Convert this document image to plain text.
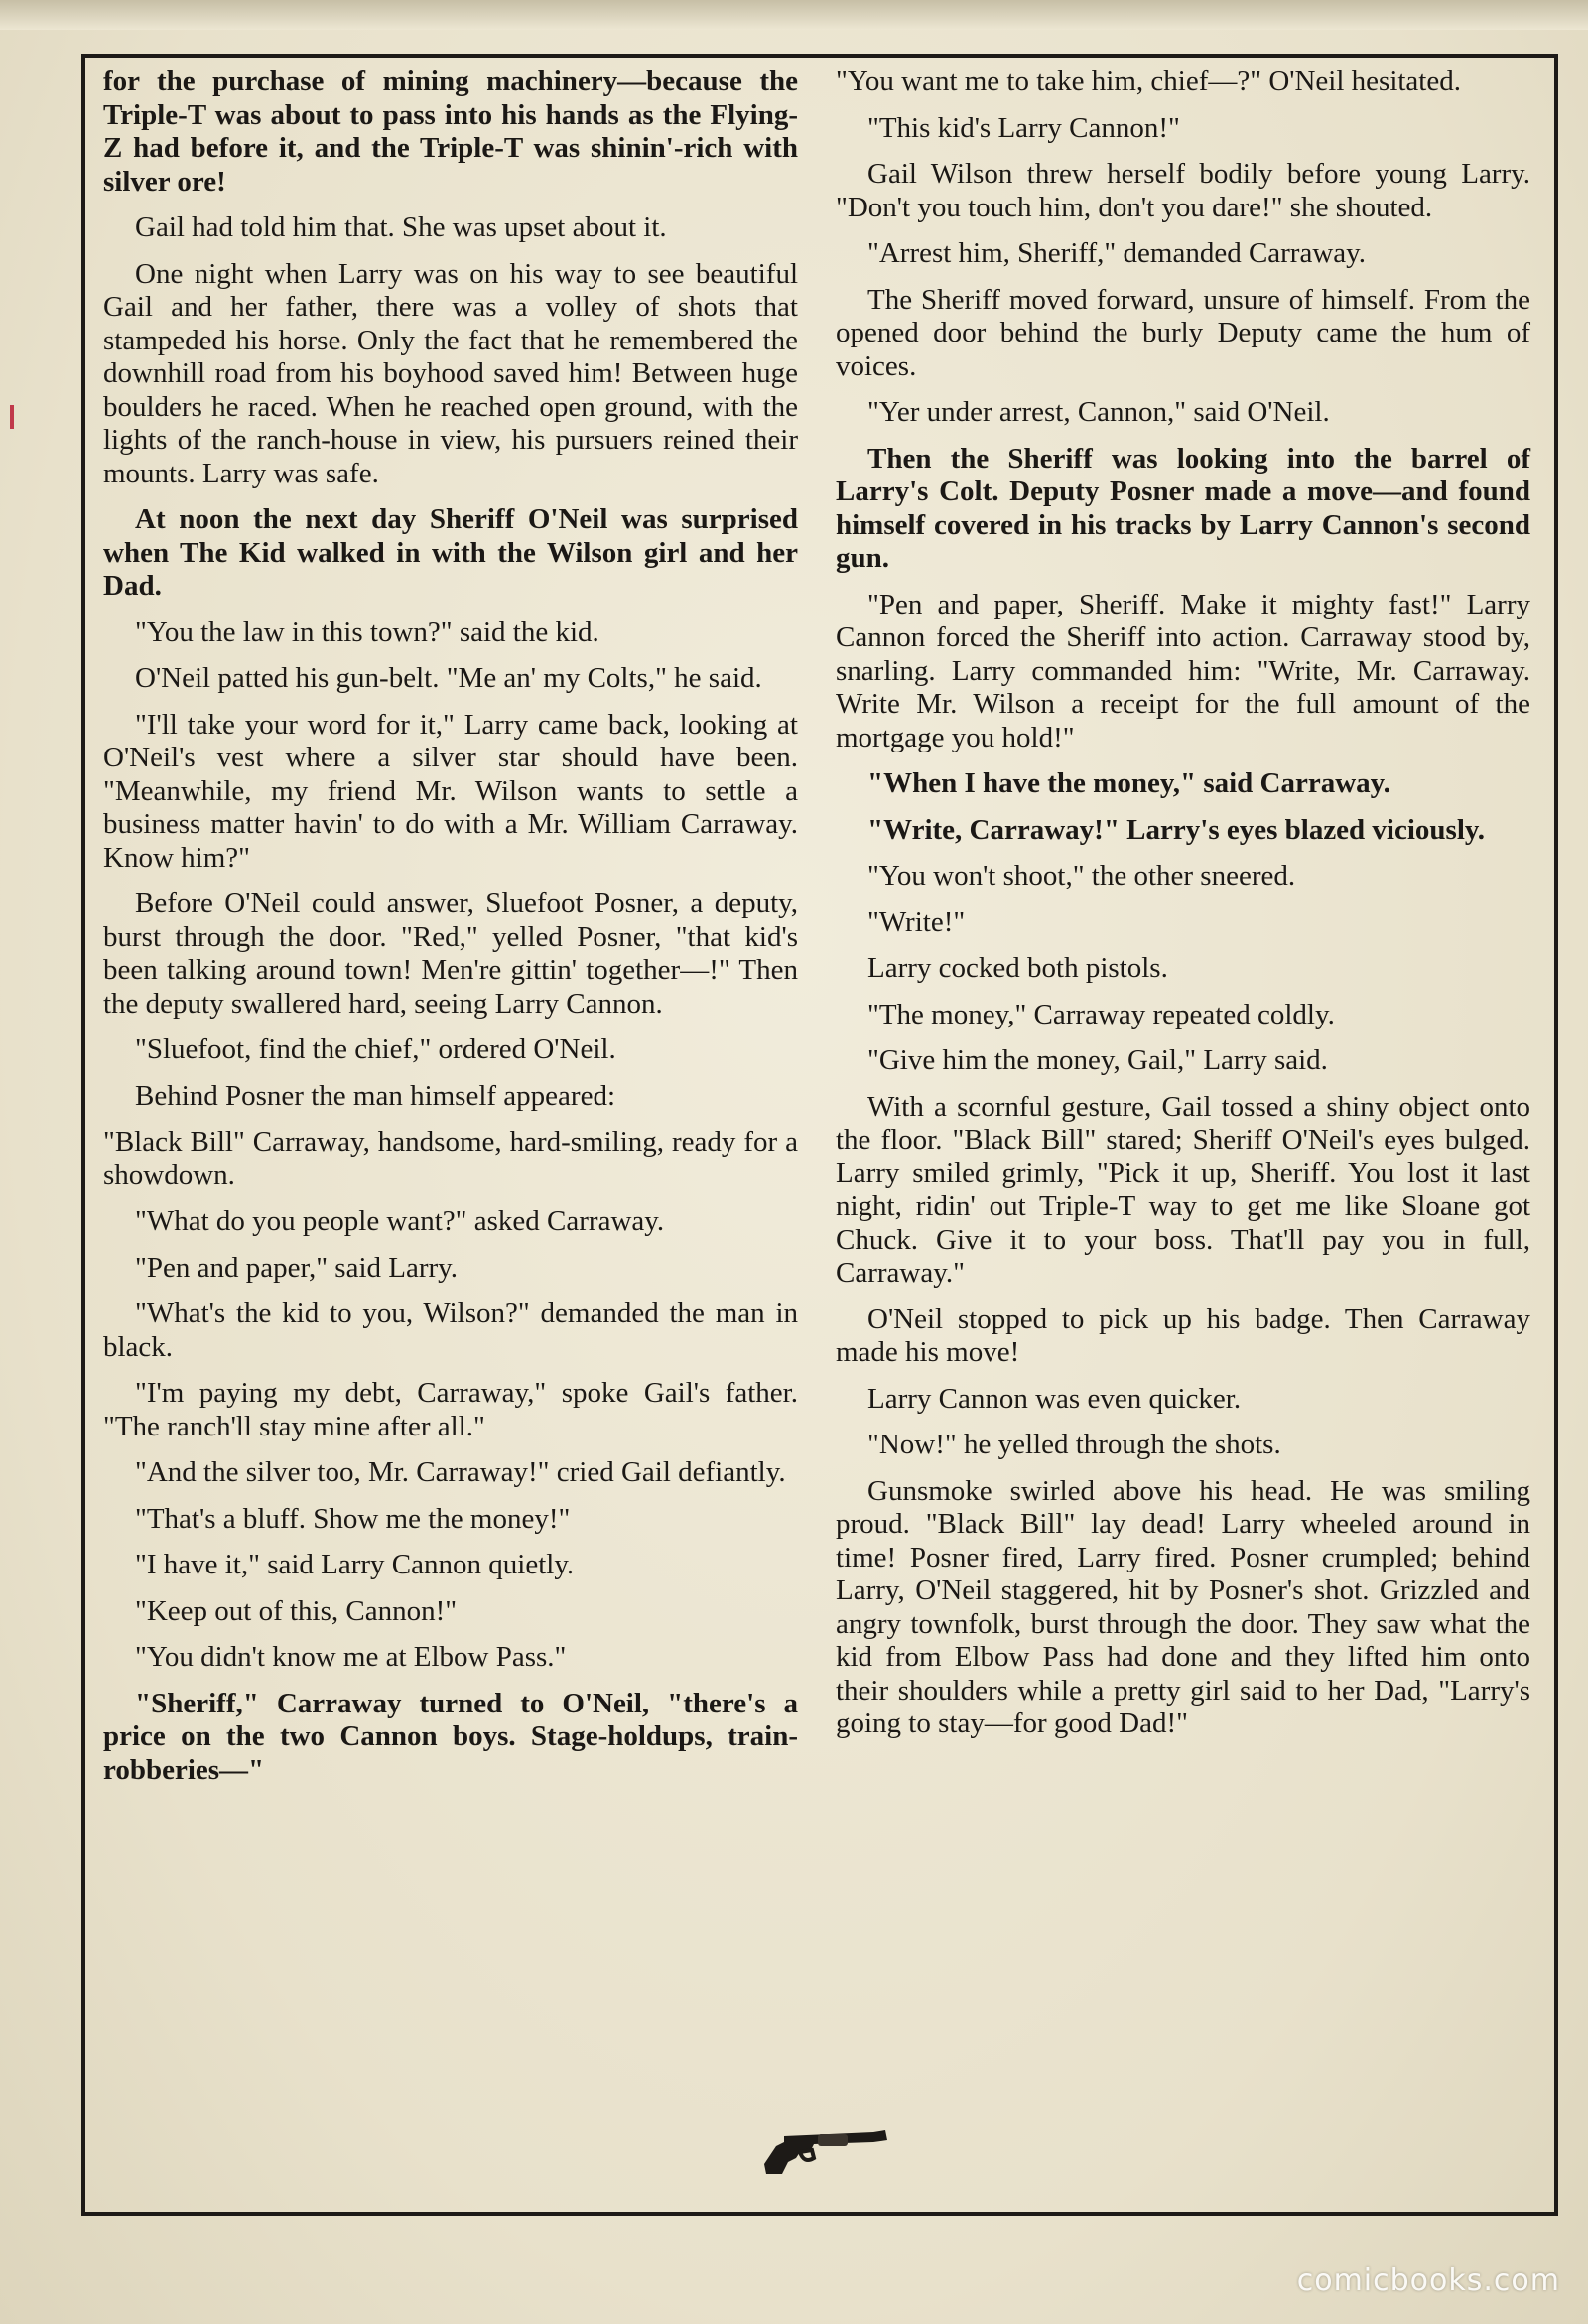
for the purchase of mining machinery—because the Triple-T was about to pass into his hands as the Flying-Z had before it, and the Triple-T was shinin'-rich with silver ore!

Gail had told him that. She was upset about it.

One night when Larry was on his way to see beautiful Gail and her father, there was a volley of shots that stampeded his horse. Only the fact that he remembered the downhill road from his boyhood saved him! Between huge boulders he raced. When he reached open ground, with the lights of the ranch-house in view, his pursuers reined their mounts. Larry was safe.

At noon the next day Sheriff O'Neil was surprised when The Kid walked in with the Wilson girl and her Dad.

"You the law in this town?" said the kid.

O'Neil patted his gun-belt. "Me an' my Colts," he said.

"I'll take your word for it," Larry came back, looking at O'Neil's vest where a silver star should have been. "Meanwhile, my friend Mr. Wilson wants to settle a business matter havin' to do with a Mr. William Carraway. Know him?"

Before O'Neil could answer, Sluefoot Posner, a deputy, burst through the door. "Red," yelled Posner, "that kid's been talking around town! Men're gittin' together—!" Then the deputy swallered hard, seeing Larry Cannon.

"Sluefoot, find the chief," ordered O'Neil.

Behind Posner the man himself appeared:

"Black Bill" Carraway, handsome, hard-smiling, ready for a showdown.

"What do you people want?" asked Carraway.

"Pen and paper," said Larry.

"What's the kid to you, Wilson?" demanded the man in black.

"I'm paying my debt, Carraway," spoke Gail's father. "The ranch'll stay mine after all."

"And the silver too, Mr. Carraway!" cried Gail defiantly.

"That's a bluff. Show me the money!"

"I have it," said Larry Cannon quietly.

"Keep out of this, Cannon!"

"You didn't know me at Elbow Pass."

"Sheriff," Carraway turned to O'Neil, "there's a price on the two Cannon boys. Stage-holdups, train-robberies—"

"You want me to take him, chief—?" O'Neil hesitated.

"This kid's Larry Cannon!"

Gail Wilson threw herself bodily before young Larry. "Don't you touch him, don't you dare!" she shouted.

"Arrest him, Sheriff," demanded Carraway.

The Sheriff moved forward, unsure of himself. From the opened door behind the burly Deputy came the hum of voices.

"Yer under arrest, Cannon," said O'Neil.

Then the Sheriff was looking into the barrel of Larry's Colt. Deputy Posner made a move—and found himself covered in his tracks by Larry Cannon's second gun.

"Pen and paper, Sheriff. Make it mighty fast!" Larry Cannon forced the Sheriff into action. Carraway stood by, snarling. Larry commanded him: "Write, Mr. Carraway. Write Mr. Wilson a receipt for the full amount of the mortgage you hold!"

"When I have the money," said Carraway.

"Write, Carraway!" Larry's eyes blazed viciously.

"You won't shoot," the other sneered.

"Write!"

Larry cocked both pistols.

"The money," Carraway repeated coldly.

"Give him the money, Gail," Larry said.

With a scornful gesture, Gail tossed a shiny object onto the floor. "Black Bill" stared; Sheriff O'Neil's eyes bulged. Larry smiled grimly, "Pick it up, Sheriff. You lost it last night, ridin' out Triple-T way to get me like Sloane got Chuck. Give it to your boss. That'll pay you in full, Carraway."

O'Neil stopped to pick up his badge. Then Carraway made his move!

Larry Cannon was even quicker.

"Now!" he yelled through the shots.

Gunsmoke swirled above his head. He was smiling proud. "Black Bill" lay dead! Larry wheeled around in time! Posner fired, Larry fired. Posner crumpled; behind Larry, O'Neil staggered, hit by Posner's shot. Grizzled and angry townfolk, burst through the door. They saw what the kid from Elbow Pass had done and they lifted him onto their shoulders while a pretty girl said to her Dad, "Larry's going to stay—for good Dad!"

comicbooks.com
